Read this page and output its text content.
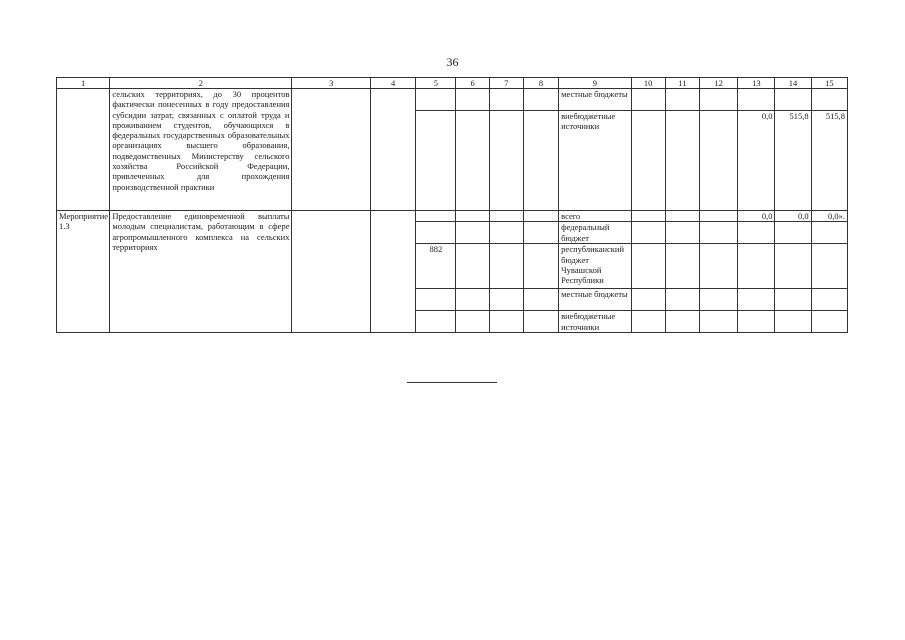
36
1	2	3	4	5	6	7	8	9	10	11	12	13	14	15
	сельских территориях, до 30 процентов фактически понесенных в году предоставления субсидии затрат, связанных с оплатой труда и проживанием студентов, обучающихся в федеральных государственных образовательных организациях высшего образования, подведомственных Министерству сельского хозяйства Российской Федерации, привлеченных для прохождения производственной практики							местные бюджеты						
								внебюджетные источники				0,0	515,8	515,8
Мероприятие 1.3	Предоставление единовременной выплаты молодым специалистам, работающим в сфере агропромышленного комплекса на сельских территориях							всего				0,0	0,0	0,0».
								федеральный бюджет						
				882				республиканский бюджет Чувашской Республики						
								местные бюджеты						
								внебюджетные источники						
